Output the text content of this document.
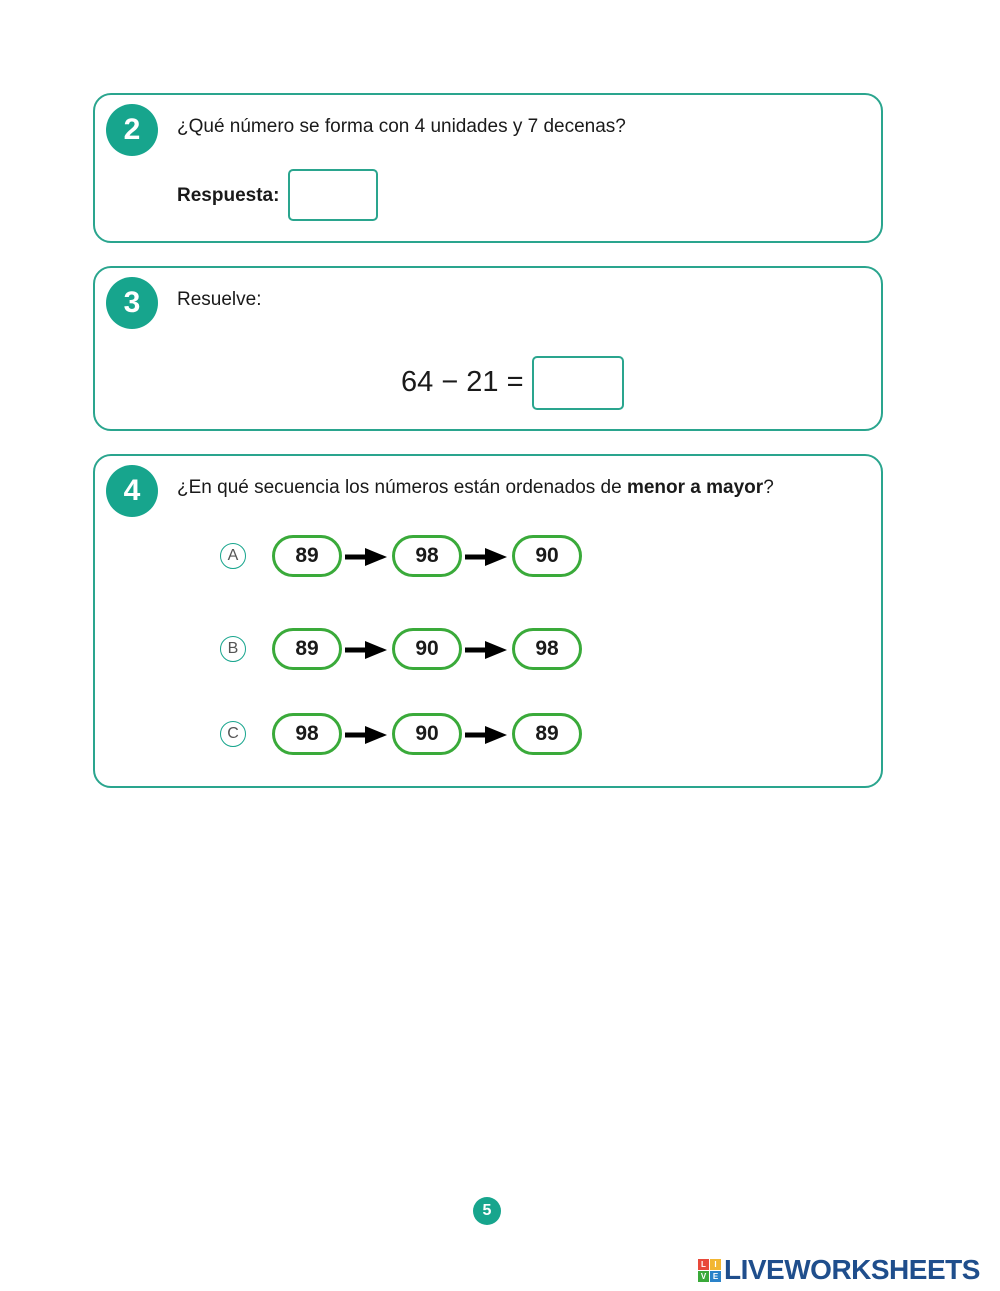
2	¿Qué número se forma con 4 unidades y 7 decenas?
Respuesta:
3	Resuelve:
64 − 21 =
4	¿En qué secuencia los números están ordenados de menor a mayor?
A	89	98	90
B	89	90	98
C	98	90	89
5
L	I
V E LIVEWORKSHEETS
